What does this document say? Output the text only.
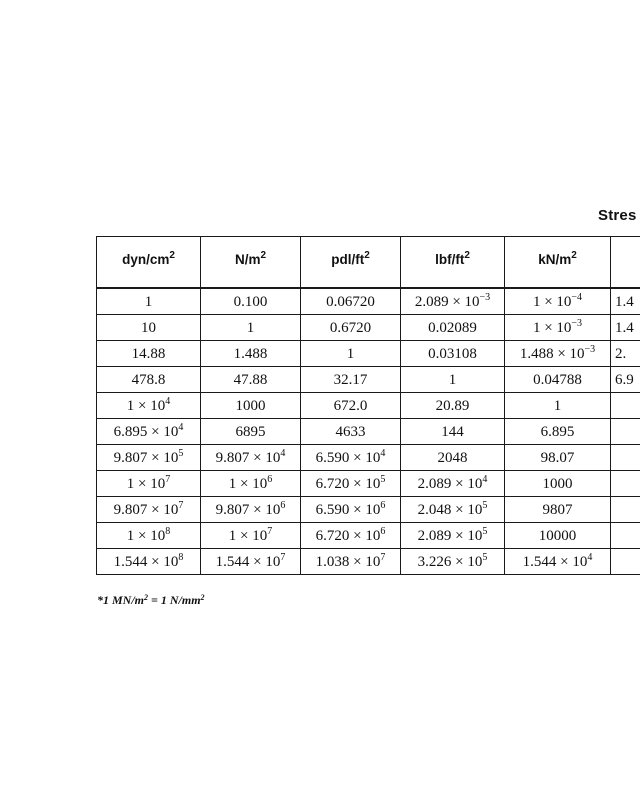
Stres
dyn/$cm^2$	$N/m^2$	pdl/$ft^2$	lbf/$ft^2$	$kN/m^2$	
1	0.100	0.06720	$2.089 \times 10^{-3}$	$1 \times 10^{-4}$	1.4
10	1	0.6720	0.02089	$1 \times 10^{-3}$	1.4
14.88	1.488	1	0.03108	$1.488 \times 10^{-3}$	2.
478.8	47.88	32.17	1	0.04788	6.9
$1 \times 10^4$	1000	672.0	20.89	1	
$6.895 \times 10^4$	6895	4633	144	6.895	
$9.807 \times 10^5$	$9.807 \times 10^4$	$6.590 \times 10^4$	2048	98.07	
$1 \times 10^7$	$1 \times 10^6$	$6.720 \times 10^5$	$2.089 \times 10^4$	1000	
$9.807 \times 10^7$	$9.807 \times 10^6$	$6.590 \times 10^6$	$2.048 \times 10^5$	9807	
$1 \times 10^8$	$1 \times 10^7$	$6.720 \times 10^6$	$2.089 \times 10^5$	10000	
$1.544 \times 10^8$	$1.544 \times 10^7$	$1.038 \times 10^7$	$3.226 \times 10^5$	$1.544 \times 10^4$	

*1 $MN/m^2 = 1$ $N/mm^2$
